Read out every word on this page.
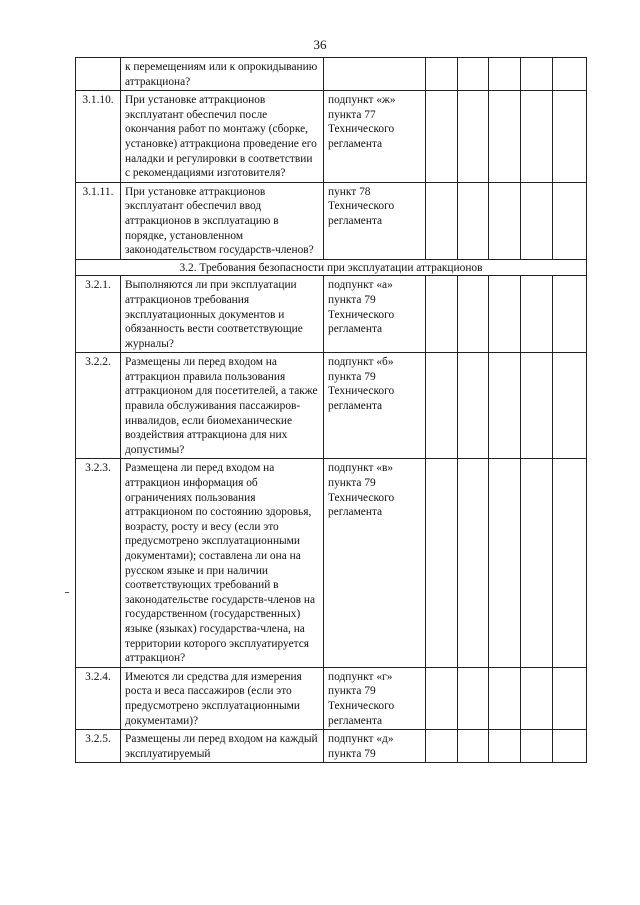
36
	к перемещениям или к опрокидыванию аттракциона?						
3.1.10.	При установке аттракционов эксплуатант обеспечил после окончания работ по монтажу (сборке, установке) аттракциона проведение его наладки и регулировки в соответствии с рекомендациями изготовителя?	подпункт «ж» пункта 77 Технического регламента					
3.1.11.	При установке аттракционов эксплуатант обеспечил ввод аттракционов в эксплуатацию в порядке, установленном законодательством государств-членов?	пункт 78 Технического регламента					
3.2. Требования безопасности при эксплуатации аттракционов							
3.2.1.	Выполняются ли при эксплуатации аттракционов требования эксплуатационных документов и обязанность вести соответствующие журналы?	подпункт «а» пункта 79 Технического регламента					
3.2.2.	Размещены ли перед входом на аттракцион правила пользования аттракционом для посетителей, а также правила обслуживания пассажиров-инвалидов, если биомеханические воздействия аттракциона для них допустимы?	подпункт «б» пункта 79 Технического регламента					
3.2.3.	Размещена ли перед входом на аттракцион информация об ограничениях пользования аттракционом по состоянию здоровья, возрасту, росту и весу (если это предусмотрено эксплуатационными документами); составлена ли она на русском языке и при наличии соответствующих требований в законодательстве государств-членов на государственном (государственных) языке (языках) государства-члена, на территории которого эксплуатируется аттракцион?	подпункт «в» пункта 79 Технического регламента					
3.2.4.	Имеются ли средства для измерения роста и веса пассажиров (если это предусмотрено эксплуатационными документами)?	подпункт «г» пункта 79 Технического регламента					
3.2.5.	Размещены ли перед входом на каждый эксплуатируемый	подпункт «д» пункта 79					
